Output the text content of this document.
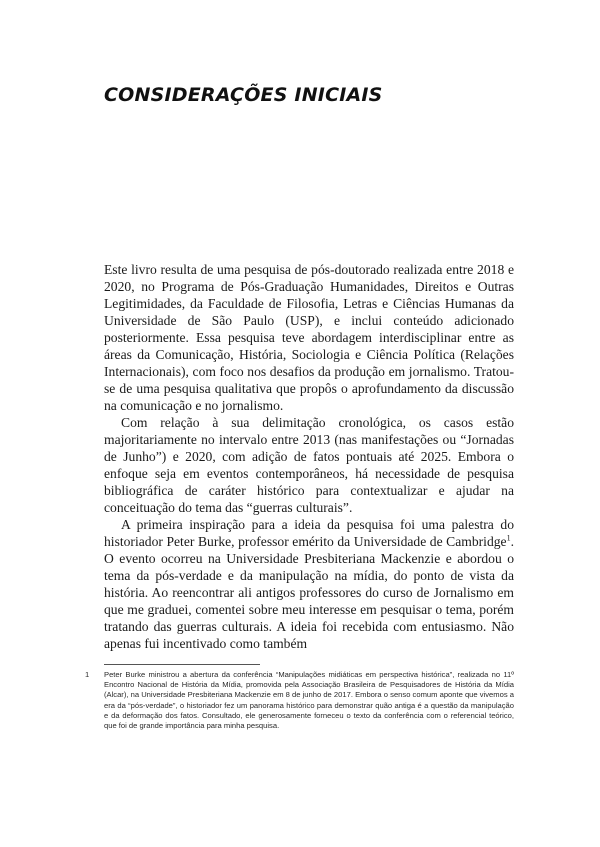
CONSIDERAÇÕES INICIAIS

Este livro resulta de uma pesquisa de pós-doutorado realizada entre 2018 e 2020, no Programa de Pós-Graduação Humanidades, Direitos e Outras Legitimidades, da Faculdade de Filosofia, Letras e Ciências Humanas da Universidade de São Paulo (USP), e inclui conteúdo adicionado posteriormente. Essa pesquisa teve abordagem interdisciplinar entre as áreas da Comunicação, História, Sociologia e Ciência Política (Relações Internacionais), com foco nos desafios da produção em jornalismo. Tratou-se de uma pesquisa qualitativa que propôs o aprofundamento da discussão na comunicação e no jornalismo.

Com relação à sua delimitação cronológica, os casos estão majoritariamente no intervalo entre 2013 (nas manifestações ou “Jornadas de Junho”) e 2020, com adição de fatos pontuais até 2025. Embora o enfoque seja em eventos contemporâneos, há necessidade de pesquisa bibliográfica de caráter histórico para contextualizar e ajudar na conceituação do tema das “guerras culturais”.

A primeira inspiração para a ideia da pesquisa foi uma palestra do historiador Peter Burke, professor emérito da Universidade de Cambridge$^1$. O evento ocorreu na Universidade Presbiteriana Mackenzie e abordou o tema da pós-verdade e da manipulação na mídia, do ponto de vista da história. Ao reencontrar ali antigos professores do curso de Jornalismo em que me graduei, comentei sobre meu interesse em pesquisar o tema, porém tratando das guerras culturais. A ideia foi recebida com entusiasmo. Não apenas fui incentivado como também

1 Peter Burke ministrou a abertura da conferência “Manipulações midiáticas em perspectiva histórica”, realizada no 11º Encontro Nacional de História da Mídia, promovida pela Associação Brasileira de Pesquisadores de História da Mídia (Alcar), na Universidade Presbiteriana Mackenzie em 8 de junho de 2017. Embora o senso comum aponte que vivemos a era da “pós-verdade”, o historiador fez um panorama histórico para demonstrar quão antiga é a questão da manipulação e da deformação dos fatos. Consultado, ele generosamente forneceu o texto da conferência com o referencial teórico, que foi de grande importância para minha pesquisa.
